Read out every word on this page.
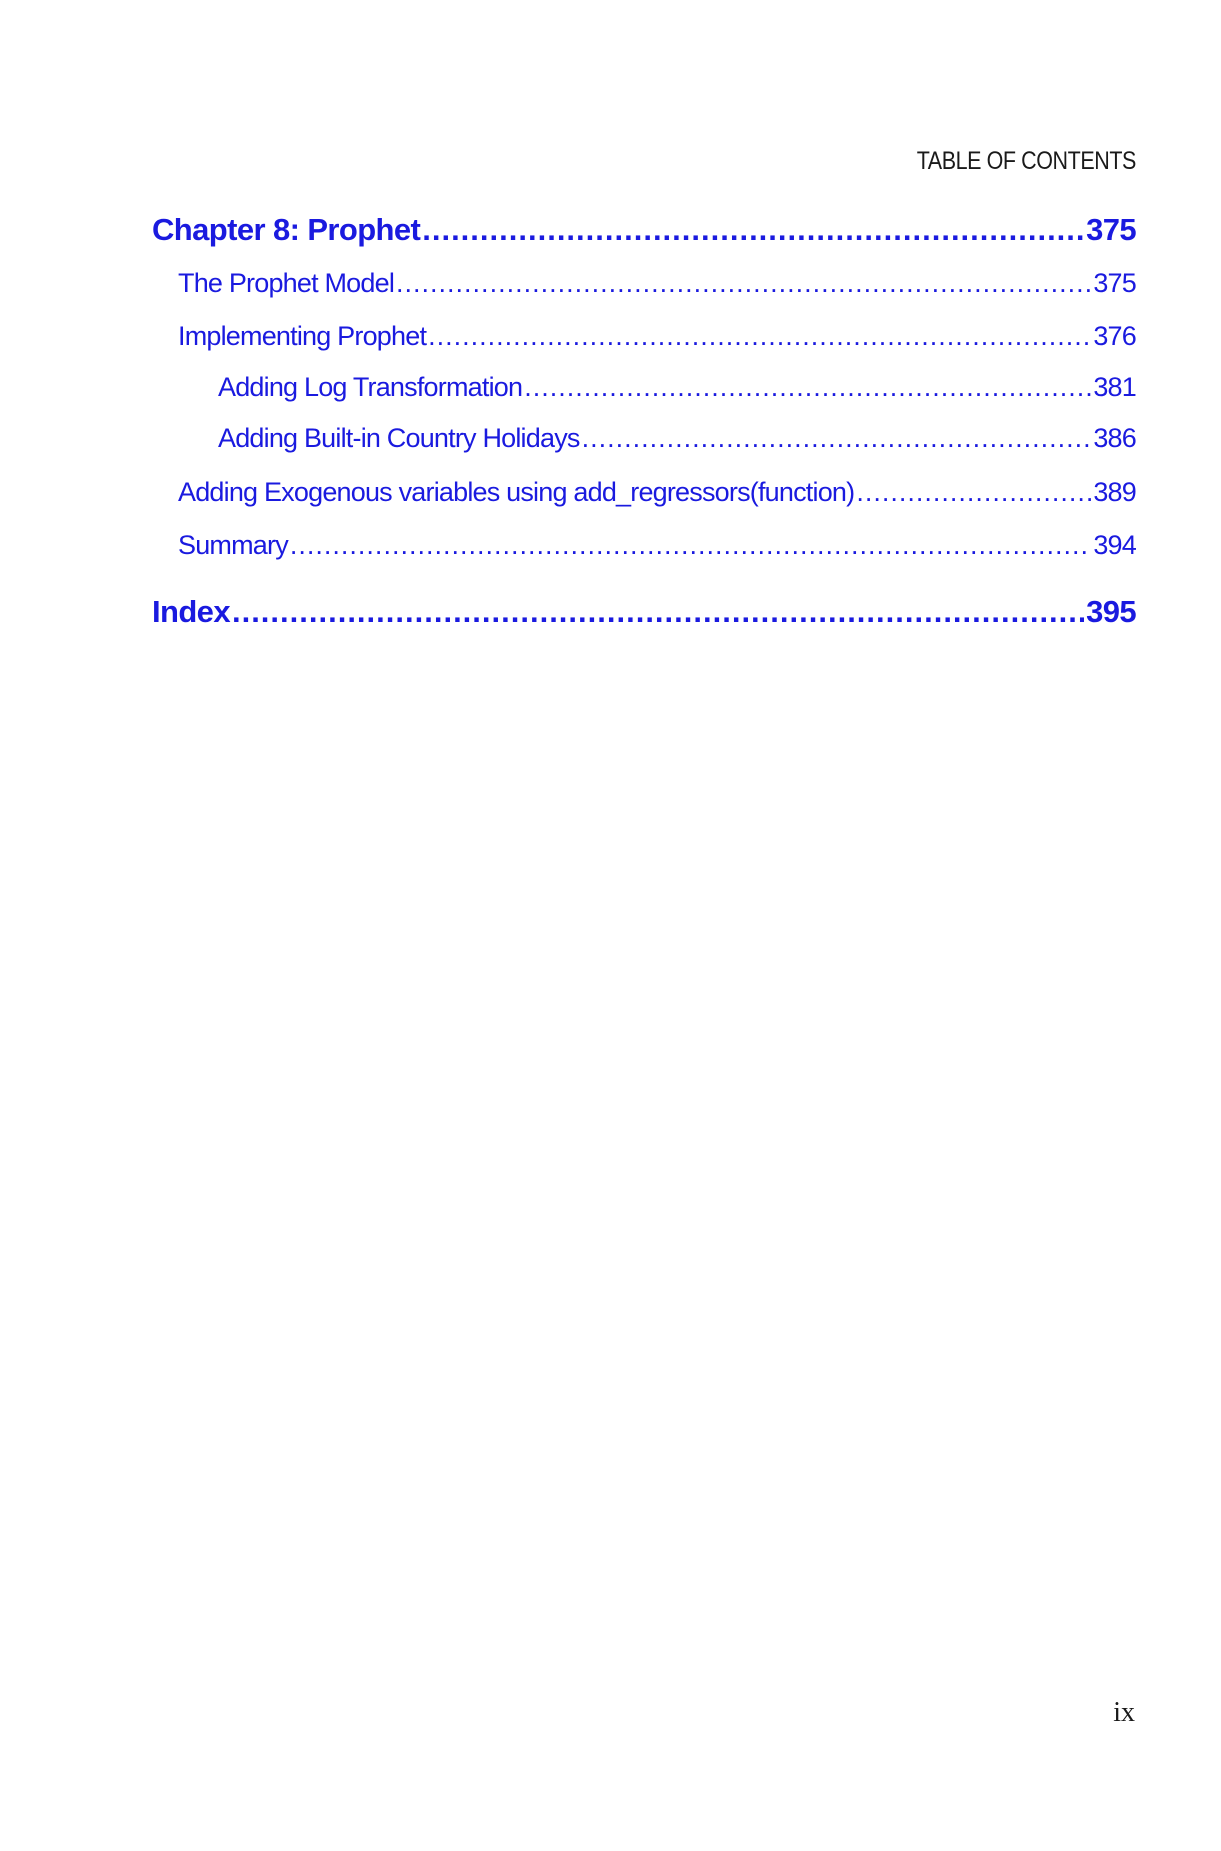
TABLE OF CONTENTS
Chapter 8: Prophet .....	375
The Prophet Model .....	375
Implementing Prophet .....	376
Adding Log Transformation .....	381
Adding Built-in Country Holidays .....	386
Adding Exogenous variables using add_regressors(function) .....	389
Summary .....	394
Index .....	395
ix
